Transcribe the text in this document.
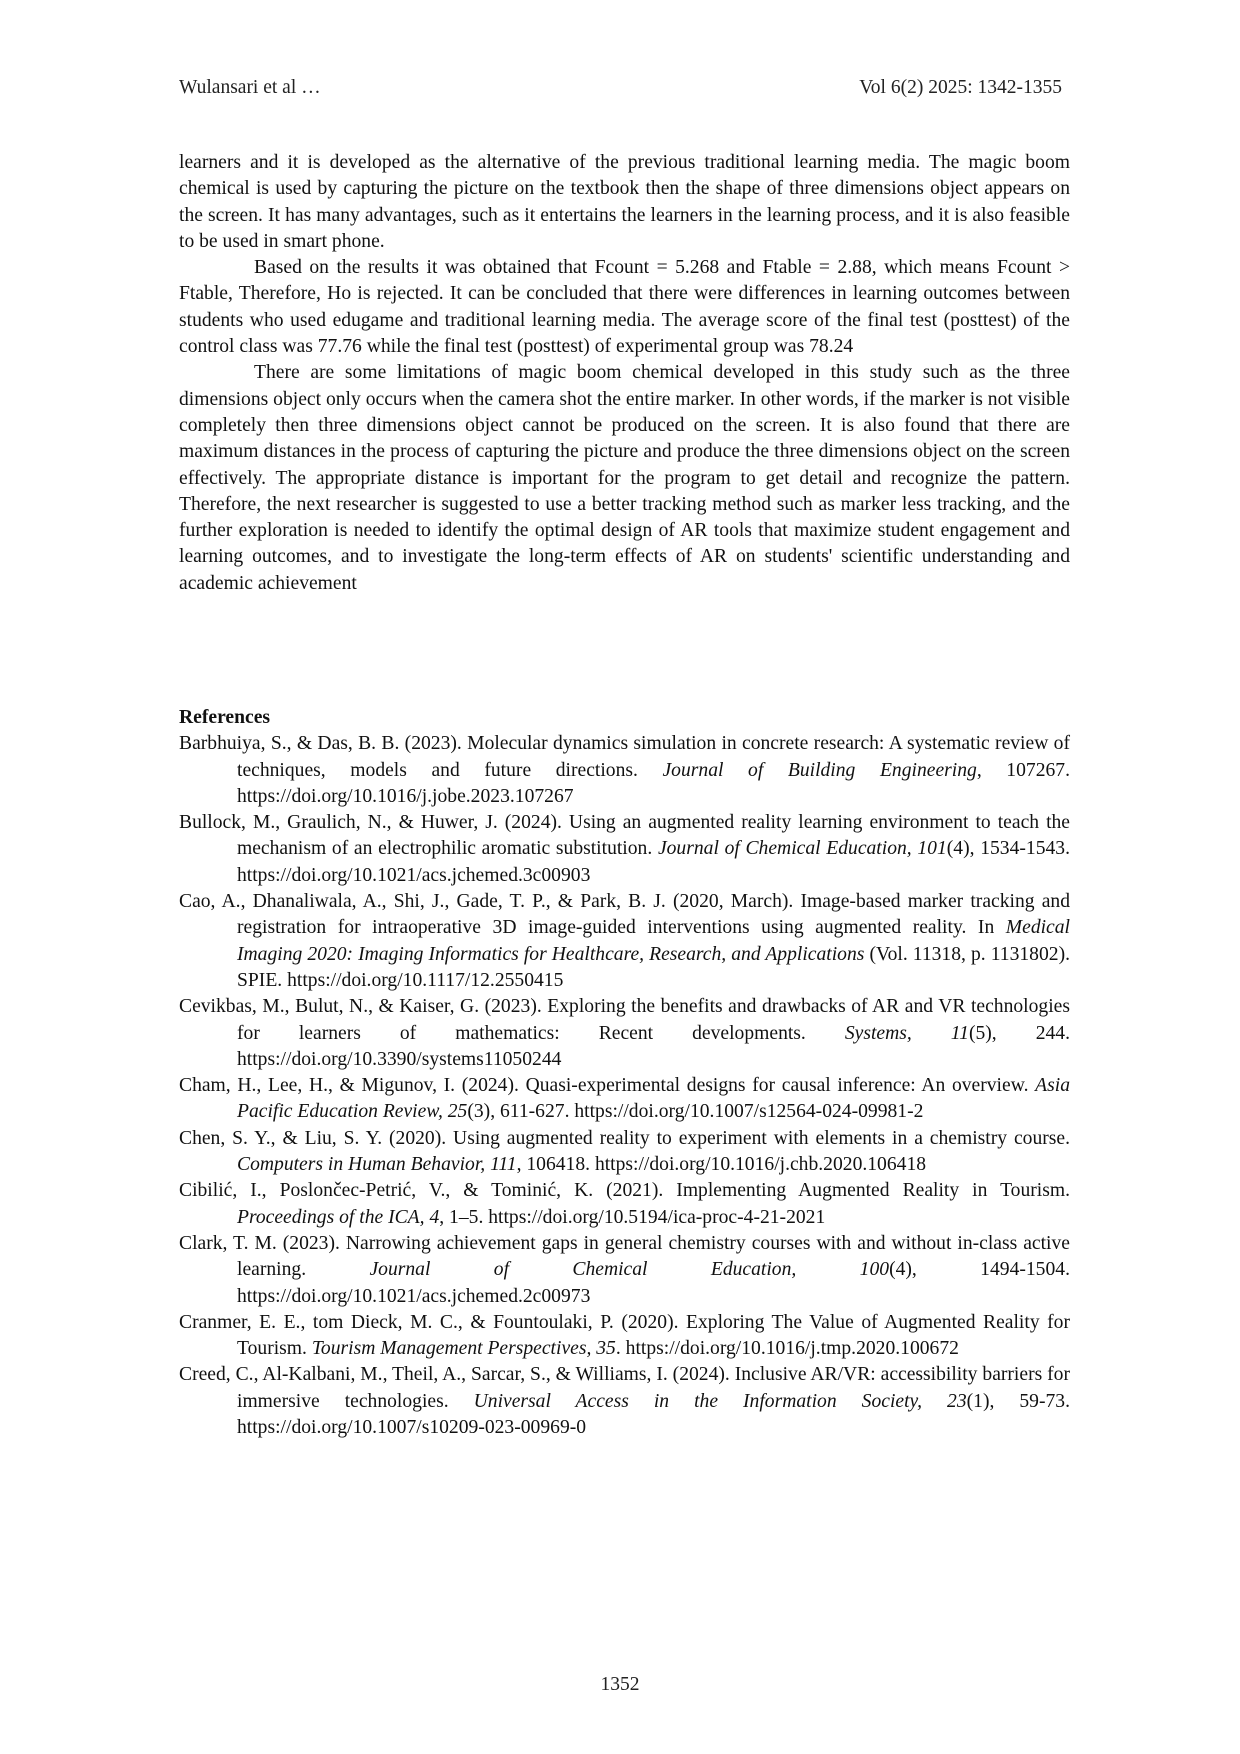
Wulansari et al …	Vol 6(2) 2025: 1342-1355

learners and it is developed as the alternative of the previous traditional learning media. The magic boom chemical is used by capturing the picture on the textbook then the shape of three dimensions object appears on the screen. It has many advantages, such as it entertains the learners in the learning process, and it is also feasible to be used in smart phone.

Based on the results it was obtained that Fcount = 5.268 and Ftable = 2.88, which means Fcount > Ftable, Therefore, Ho is rejected. It can be concluded that there were differences in learning outcomes between students who used edugame and traditional learning media. The average score of the final test (posttest) of the control class was 77.76 while the final test (posttest) of experimental group was 78.24

There are some limitations of magic boom chemical developed in this study such as the three dimensions object only occurs when the camera shot the entire marker. In other words, if the marker is not visible completely then three dimensions object cannot be produced on the screen. It is also found that there are maximum distances in the process of capturing the picture and produce the three dimensions object on the screen effectively. The appropriate distance is important for the program to get detail and recognize the pattern. Therefore, the next researcher is suggested to use a better tracking method such as marker less tracking, and the further exploration is needed to identify the optimal design of AR tools that maximize student engagement and learning outcomes, and to investigate the long-term effects of AR on students' scientific understanding and academic achievement

References

Barbhuiya, S., & Das, B. B. (2023). Molecular dynamics simulation in concrete research: A systematic review of techniques, models and future directions. Journal of Building Engineering, 107267. https://doi.org/10.1016/j.jobe.2023.107267

Bullock, M., Graulich, N., & Huwer, J. (2024). Using an augmented reality learning environment to teach the mechanism of an electrophilic aromatic substitution. Journal of Chemical Education, 101(4), 1534-1543. https://doi.org/10.1021/acs.jchemed.3c00903

Cao, A., Dhanaliwala, A., Shi, J., Gade, T. P., & Park, B. J. (2020, March). Image-based marker tracking and registration for intraoperative 3D image-guided interventions using augmented reality. In Medical Imaging 2020: Imaging Informatics for Healthcare, Research, and Applications (Vol. 11318, p. 1131802). SPIE. https://doi.org/10.1117/12.2550415

Cevikbas, M., Bulut, N., & Kaiser, G. (2023). Exploring the benefits and drawbacks of AR and VR technologies for learners of mathematics: Recent developments. Systems, 11(5), 244. https://doi.org/10.3390/systems11050244

Cham, H., Lee, H., & Migunov, I. (2024). Quasi-experimental designs for causal inference: An overview. Asia Pacific Education Review, 25(3), 611-627. https://doi.org/10.1007/s12564-024-09981-2

Chen, S. Y., & Liu, S. Y. (2020). Using augmented reality to experiment with elements in a chemistry course. Computers in Human Behavior, 111, 106418. https://doi.org/10.1016/j.chb.2020.106418

Cibilić, I., Poslončec-Petrić, V., & Tominić, K. (2021). Implementing Augmented Reality in Tourism. Proceedings of the ICA, 4, 1–5. https://doi.org/10.5194/ica-proc-4-21-2021

Clark, T. M. (2023). Narrowing achievement gaps in general chemistry courses with and without in-class active learning. Journal of Chemical Education, 100(4), 1494-1504. https://doi.org/10.1021/acs.jchemed.2c00973

Cranmer, E. E., tom Dieck, M. C., & Fountoulaki, P. (2020). Exploring The Value of Augmented Reality for Tourism. Tourism Management Perspectives, 35. https://doi.org/10.1016/j.tmp.2020.100672

Creed, C., Al-Kalbani, M., Theil, A., Sarcar, S., & Williams, I. (2024). Inclusive AR/VR: accessibility barriers for immersive technologies. Universal Access in the Information Society, 23(1), 59-73. https://doi.org/10.1007/s10209-023-00969-0

1352
